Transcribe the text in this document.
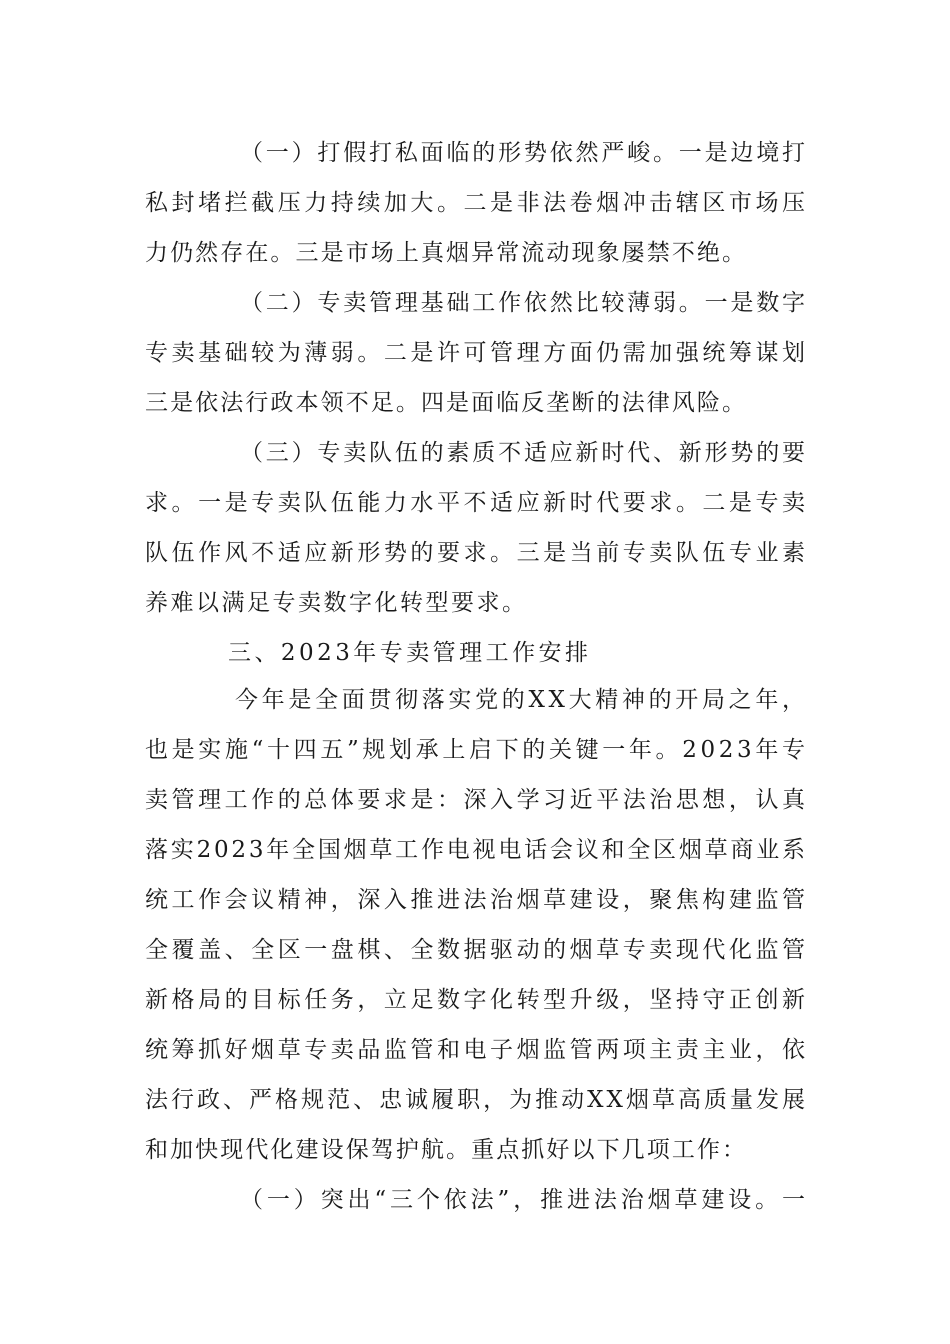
（一）打假打私面临的形势依然严峻。一是边境打

私封堵拦截压力持续加大。二是非法卷烟冲击辖区市场压

力仍然存在。三是市场上真烟异常流动现象屡禁不绝。

（二）专卖管理基础工作依然比较薄弱。一是数字

专卖基础较为薄弱。二是许可管理方面仍需加强统筹谋划

三是依法行政本领不足。四是面临反垄断的法律风险。

（三）专卖队伍的素质不适应新时代、新形势的要

求。一是专卖队伍能力水平不适应新时代要求。二是专卖

队伍作风不适应新形势的要求。三是当前专卖队伍专业素

养难以满足专卖数字化转型要求。

三、2023年专卖管理工作安排

今年是全面贯彻落实党的XX大精神的开局之年，

也是实施“十四五”规划承上启下的关键一年。2023年专

卖管理工作的总体要求是：深入学习近平法治思想，认真

落实2023年全国烟草工作电视电话会议和全区烟草商业系

统工作会议精神，深入推进法治烟草建设，聚焦构建监管

全覆盖、全区一盘棋、全数据驱动的烟草专卖现代化监管

新格局的目标任务，立足数字化转型升级，坚持守正创新

统筹抓好烟草专卖品监管和电子烟监管两项主责主业，依

法行政、严格规范、忠诚履职，为推动XX烟草高质量发展

和加快现代化建设保驾护航。重点抓好以下几项工作：

（一）突出“三个依法”，推进法治烟草建设。一
